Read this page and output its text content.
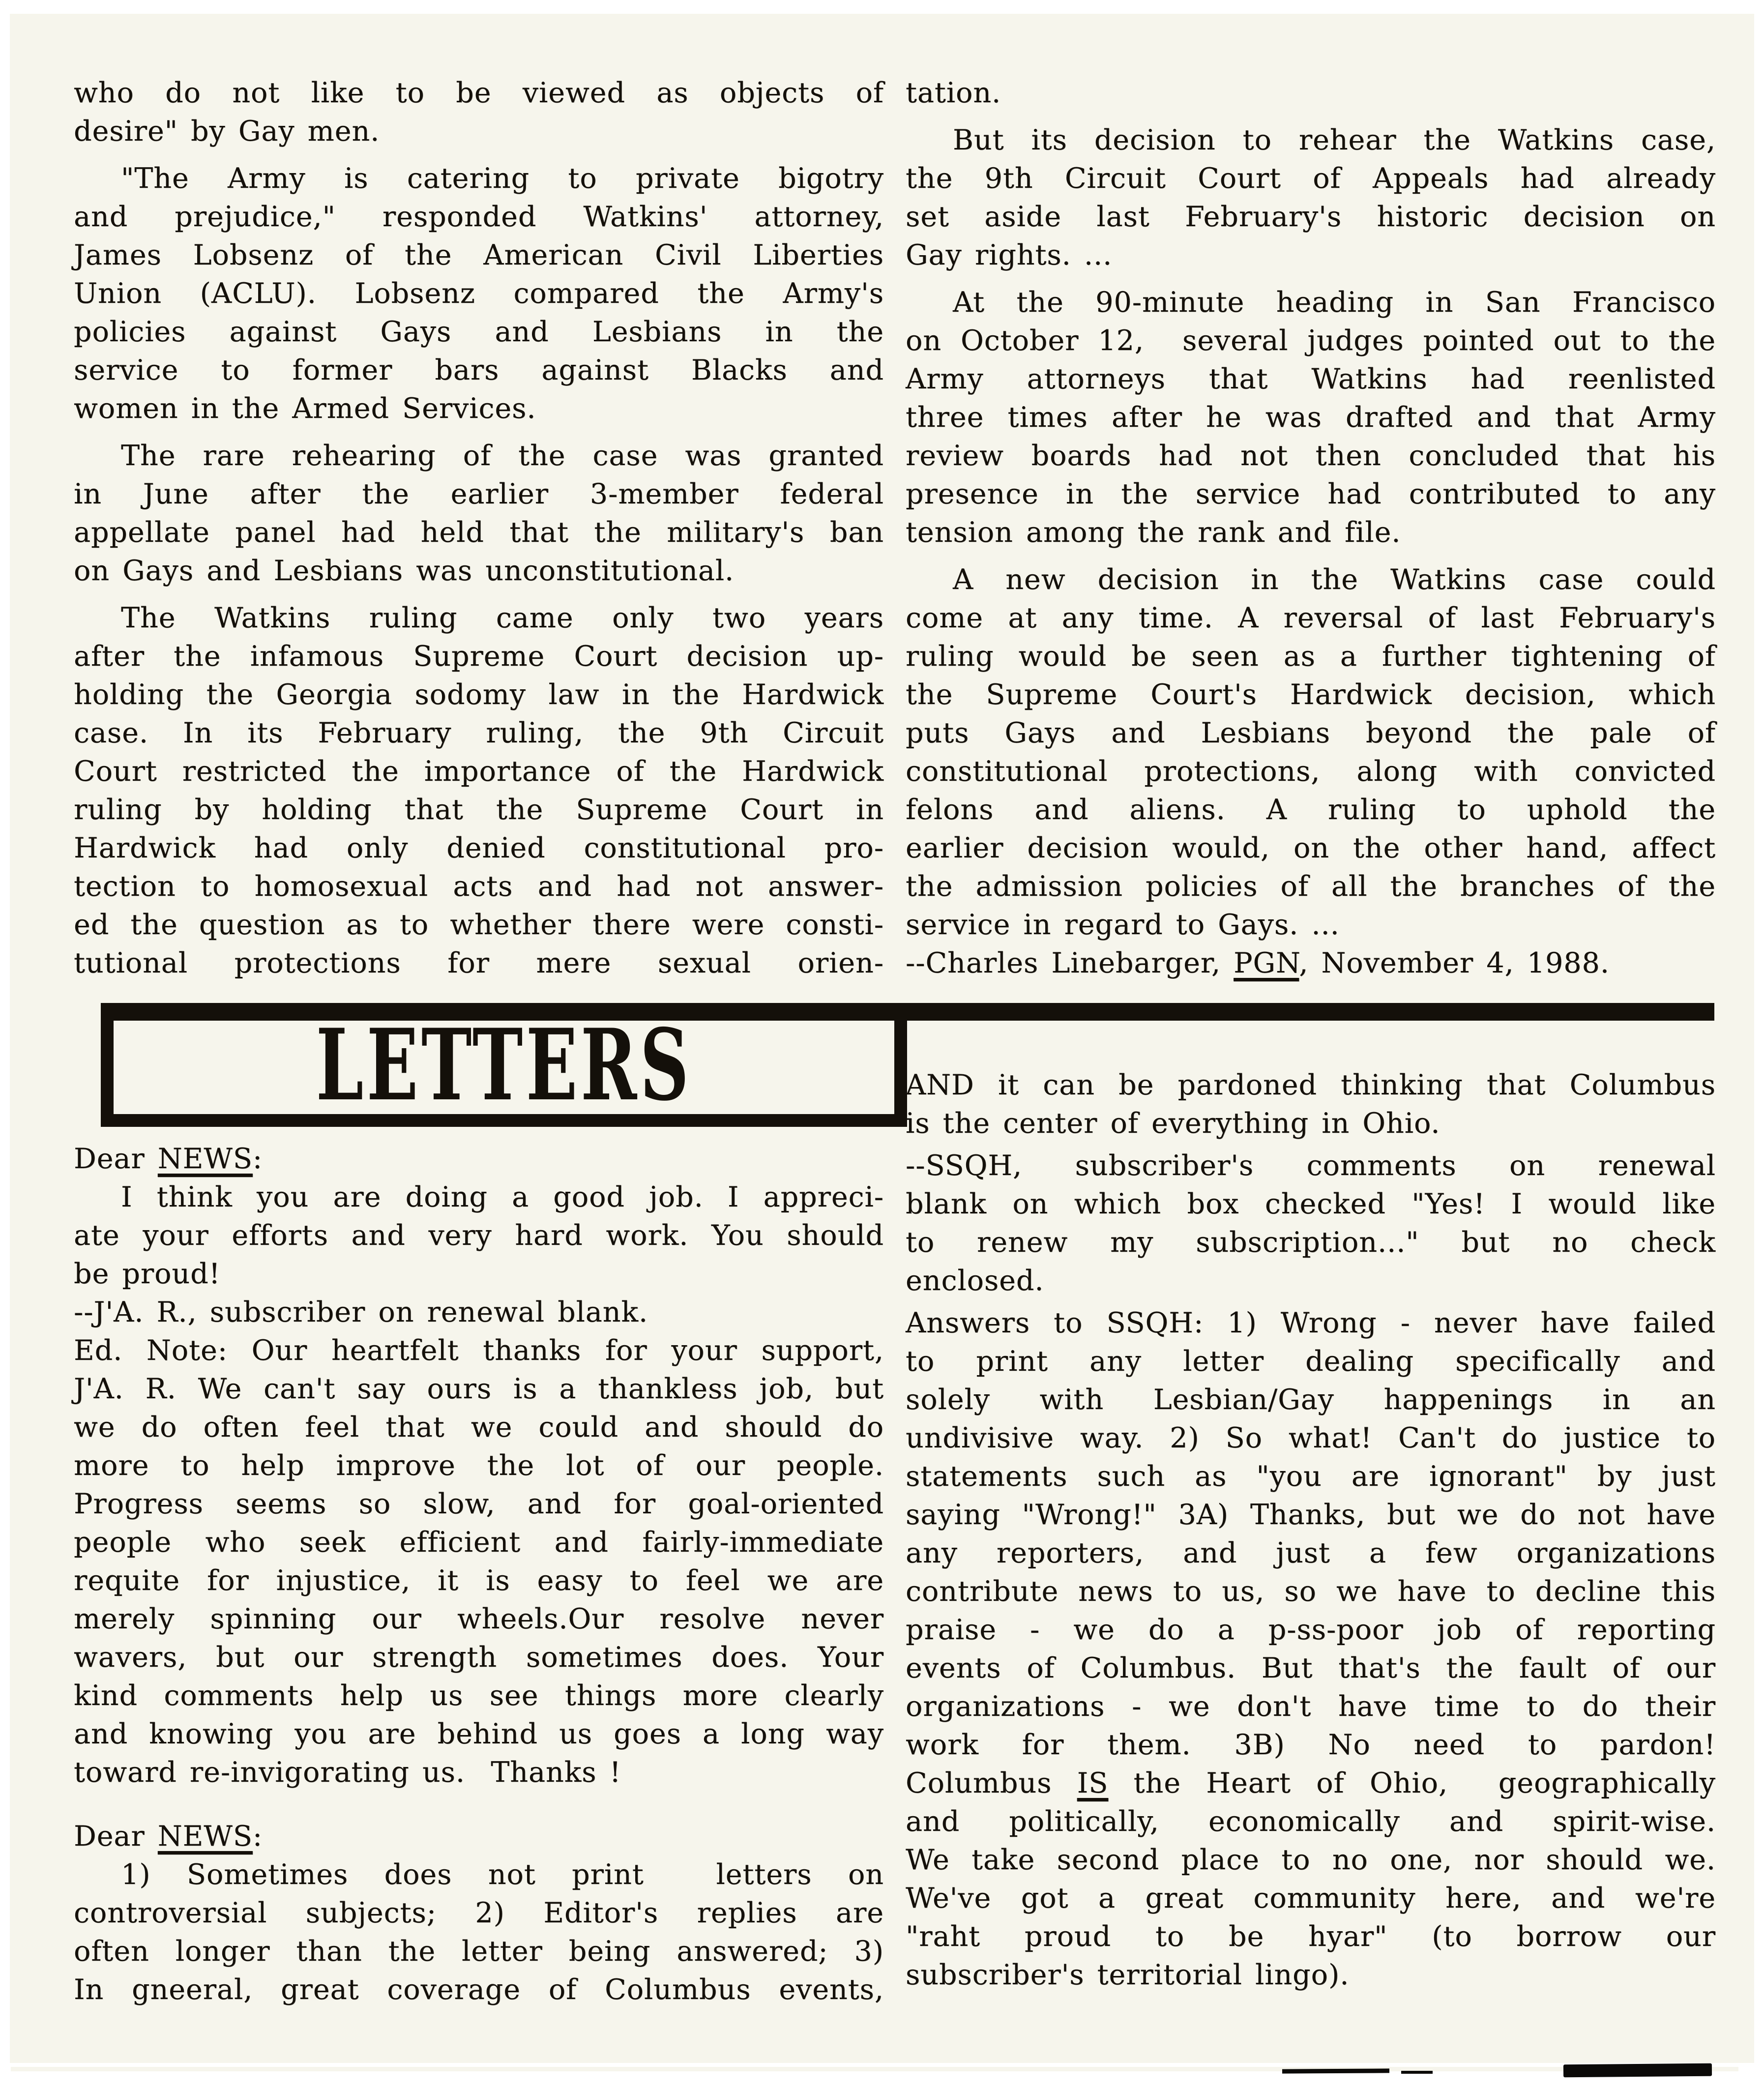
who do not like to be viewed as objects of
desire" by Gay men.
"The Army is catering to private bigotry
and prejudice," responded Watkins' attorney,
James Lobsenz of the American Civil Liberties
Union (ACLU). Lobsenz compared the Army's
policies against Gays and Lesbians in the
service to former bars against Blacks and
women in the Armed Services.
The rare rehearing of the case was granted
in June after the earlier 3-member federal
appellate panel had held that the military's ban
on Gays and Lesbians was unconstitutional.
The Watkins ruling came only two years
after the infamous Supreme Court decision up-
holding the Georgia sodomy law in the Hardwick
case. In its February ruling, the 9th Circuit
Court restricted the importance of the Hardwick
ruling by holding that the Supreme Court in
Hardwick had only denied constitutional pro-
tection to homosexual acts and had not answer-
ed the question as to whether there were consti-
tutional protections for mere sexual orien-
tation.
But its decision to rehear the Watkins case,
the 9th Circuit Court of Appeals had already
set aside last February's historic decision on
Gay rights. ...
At the 90-minute heading in San Francisco
on October 12,  several judges pointed out to the
Army attorneys that Watkins had reenlisted
three times after he was drafted and that Army
review boards had not then concluded that his
presence in the service had contributed to any
tension among the rank and file.
A new decision in the Watkins case could
come at any time. A reversal of last February's
ruling would be seen as a further tightening of
the Supreme Court's Hardwick decision, which
puts Gays and Lesbians beyond the pale of
constitutional protections, along with convicted
felons and aliens. A ruling to uphold the
earlier decision would, on the other hand, affect
the admission policies of all the branches of the
service in regard to Gays. ...
--Charles Linebarger, PGN, November 4, 1988.
LETTERS
Dear NEWS:
I think you are doing a good job. I appreci-
ate your efforts and very hard work. You should
be proud!
--J'A. R., subscriber on renewal blank.
Ed. Note: Our heartfelt thanks for your support,
J'A. R. We can't say ours is a thankless job, but
we do often feel that we could and should do
more to help improve the lot of our people.
Progress seems so slow, and for goal-oriented
people who seek efficient and fairly-immediate
requite for injustice, it is easy to feel we are
merely spinning our wheels.Our resolve never
wavers, but our strength sometimes does. Your
kind comments help us see things more clearly
and knowing you are behind us goes a long way
toward re-invigorating us.  Thanks !
Dear NEWS:
1) Sometimes does not print  letters on
controversial subjects; 2) Editor's replies are
often longer than the letter being answered; 3)
In gneeral, great coverage of Columbus events,
AND it can be pardoned thinking that Columbus
is the center of everything in Ohio.
--SSQH,  subscriber's  comments  on  renewal
blank on which box checked "Yes! I would like
to renew my subscription..." but no check
enclosed.
Answers to SSQH: 1) Wrong - never have failed
to print any letter dealing specifically and
solely with Lesbian/Gay happenings in an
undivisive way. 2) So what! Can't do justice to
statements such as "you are ignorant" by just
saying "Wrong!" 3A) Thanks, but we do not have
any reporters, and just a few organizations
contribute news to us, so we have to decline this
praise - we do a p-ss-poor job of reporting
events of Columbus. But that's the fault of our
organizations - we don't have time to do their
work for them. 3B) No need to pardon!
Columbus IS the Heart of Ohio,  geographically
and politically, economically and spirit-wise.
We take second place to no one, nor should we.
We've got a great community here, and we're
"raht proud to be hyar" (to borrow our
subscriber's territorial lingo).
